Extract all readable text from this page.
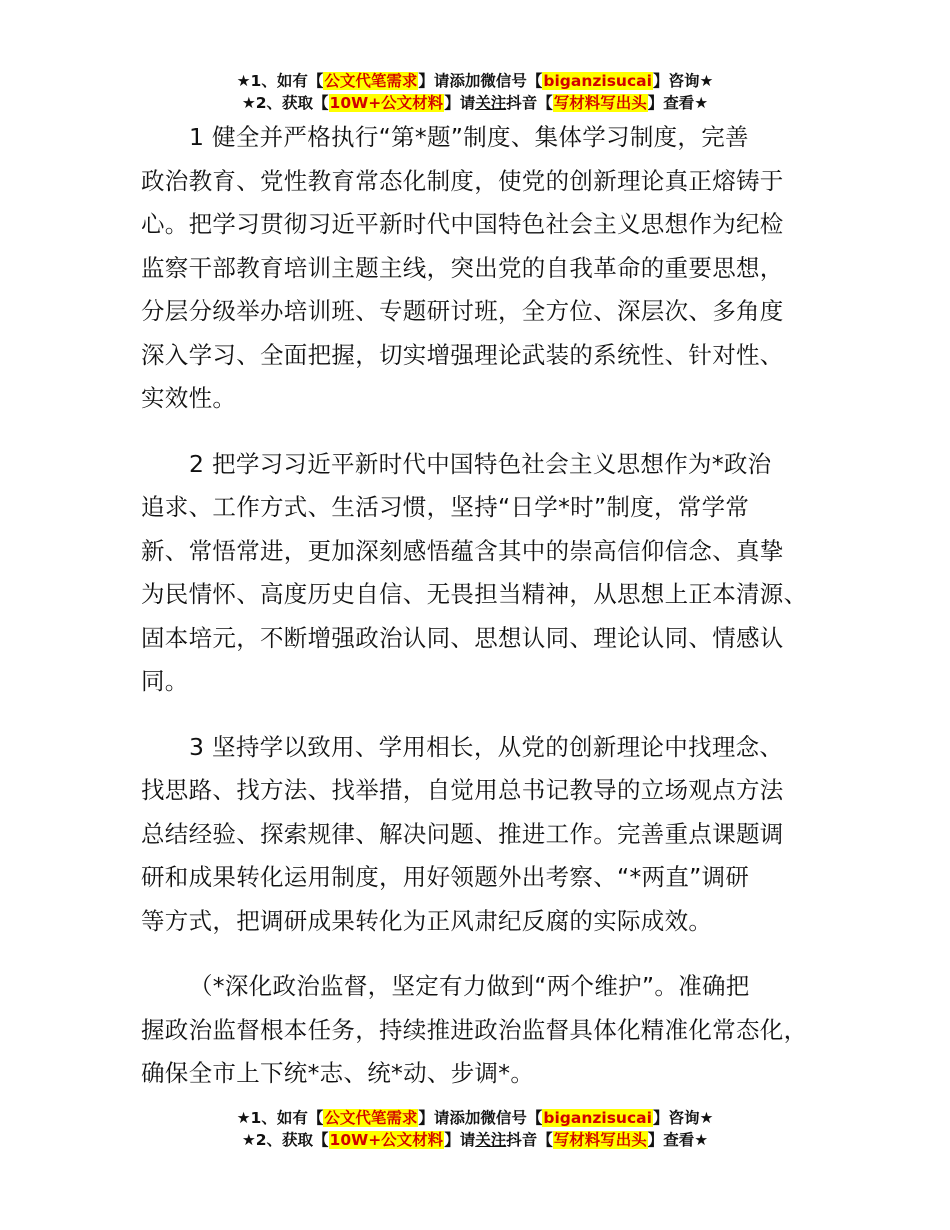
★1、如有【公文代笔需求】请添加微信号【biganzisucai】咨询★
★2、获取【10W+公文材料】请关注抖音【写材料写出头】查看★
1 健全并严格执行“第*题”制度、集体学习制度，完善
政治教育、党性教育常态化制度，使党的创新理论真正熔铸于
心。把学习贯彻习近平新时代中国特色社会主义思想作为纪检
监察干部教育培训主题主线，突出党的自我革命的重要思想，
分层分级举办培训班、专题研讨班，全方位、深层次、多角度
深入学习、全面把握，切实增强理论武装的系统性、针对性、
实效性。
2 把学习习近平新时代中国特色社会主义思想作为*政治
追求、工作方式、生活习惯，坚持“日学*时”制度，常学常
新、常悟常进，更加深刻感悟蕴含其中的崇高信仰信念、真挚
为民情怀、高度历史自信、无畏担当精神，从思想上正本清源、
固本培元，不断增强政治认同、思想认同、理论认同、情感认
同。
3 坚持学以致用、学用相长，从党的创新理论中找理念、
找思路、找方法、找举措，自觉用总书记教导的立场观点方法
总结经验、探索规律、解决问题、推进工作。完善重点课题调
研和成果转化运用制度，用好领题外出考察、“*两直”调研
等方式，把调研成果转化为正风肃纪反腐的实际成效。
（*深化政治监督，坚定有力做到“两个维护”。准确把
握政治监督根本任务，持续推进政治监督具体化精准化常态化，
确保全市上下统*志、统*动、步调*。
★1、如有【公文代笔需求】请添加微信号【biganzisucai】咨询★
★2、获取【10W+公文材料】请关注抖音【写材料写出头】查看★
